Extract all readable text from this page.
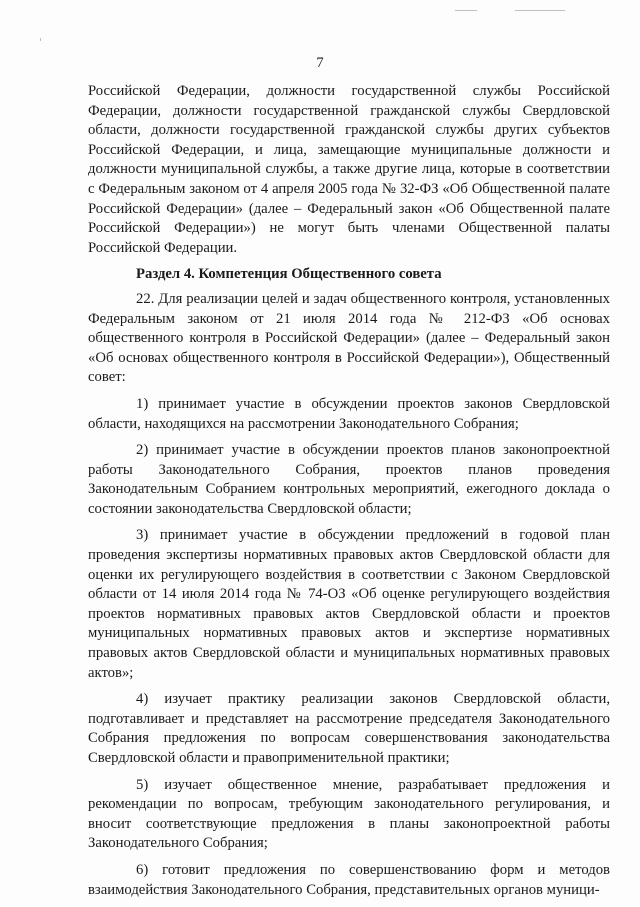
7

Российской Федерации, должности государственной службы Российской Федерации, должности государственной гражданской службы Свердловской области, должности государственной гражданской службы других субъектов Российской Федерации, и лица, замещающие муниципальные должности и должности муниципальной службы, а также другие лица, которые в соответствии с Федеральным законом от 4 апреля 2005 года № 32-ФЗ «Об Общественной палате Российской Федерации» (далее – Федеральный закон «Об Общественной палате Российской Федерации») не могут быть членами Общественной палаты Российской Федерации.

Раздел 4. Компетенция Общественного совета

22. Для реализации целей и задач общественного контроля, установленных Федеральным законом от 21 июля 2014 года № 212-ФЗ «Об основах общественного контроля в Российской Федерации» (далее – Федеральный закон «Об основах общественного контроля в Российской Федерации»), Общественный совет:

1) принимает участие в обсуждении проектов законов Свердловской области, находящихся на рассмотрении Законодательного Собрания;

2) принимает участие в обсуждении проектов планов законопроектной работы Законодательного Собрания, проектов планов проведения Законодательным Собранием контрольных мероприятий, ежегодного доклада о состоянии законодательства Свердловской области;

3) принимает участие в обсуждении предложений в годовой план проведения экспертизы нормативных правовых актов Свердловской области для оценки их регулирующего воздействия в соответствии с Законом Свердловской области от 14 июля 2014 года № 74-ОЗ «Об оценке регулирующего воздействия проектов нормативных правовых актов Свердловской области и проектов муниципальных нормативных правовых актов и экспертизе нормативных правовых актов Свердловской области и муниципальных нормативных правовых актов»;

4) изучает практику реализации законов Свердловской области, подготавливает и представляет на рассмотрение председателя Законодательного Собрания предложения по вопросам совершенствования законодательства Свердловской области и правоприменительной практики;

5) изучает общественное мнение, разрабатывает предложения и рекомендации по вопросам, требующим законодательного регулирования, и вносит соответствующие предложения в планы законопроектной работы Законодательного Собрания;

6) готовит предложения по совершенствованию форм и методов взаимодействия Законодательного Собрания, представительных органов муници-
